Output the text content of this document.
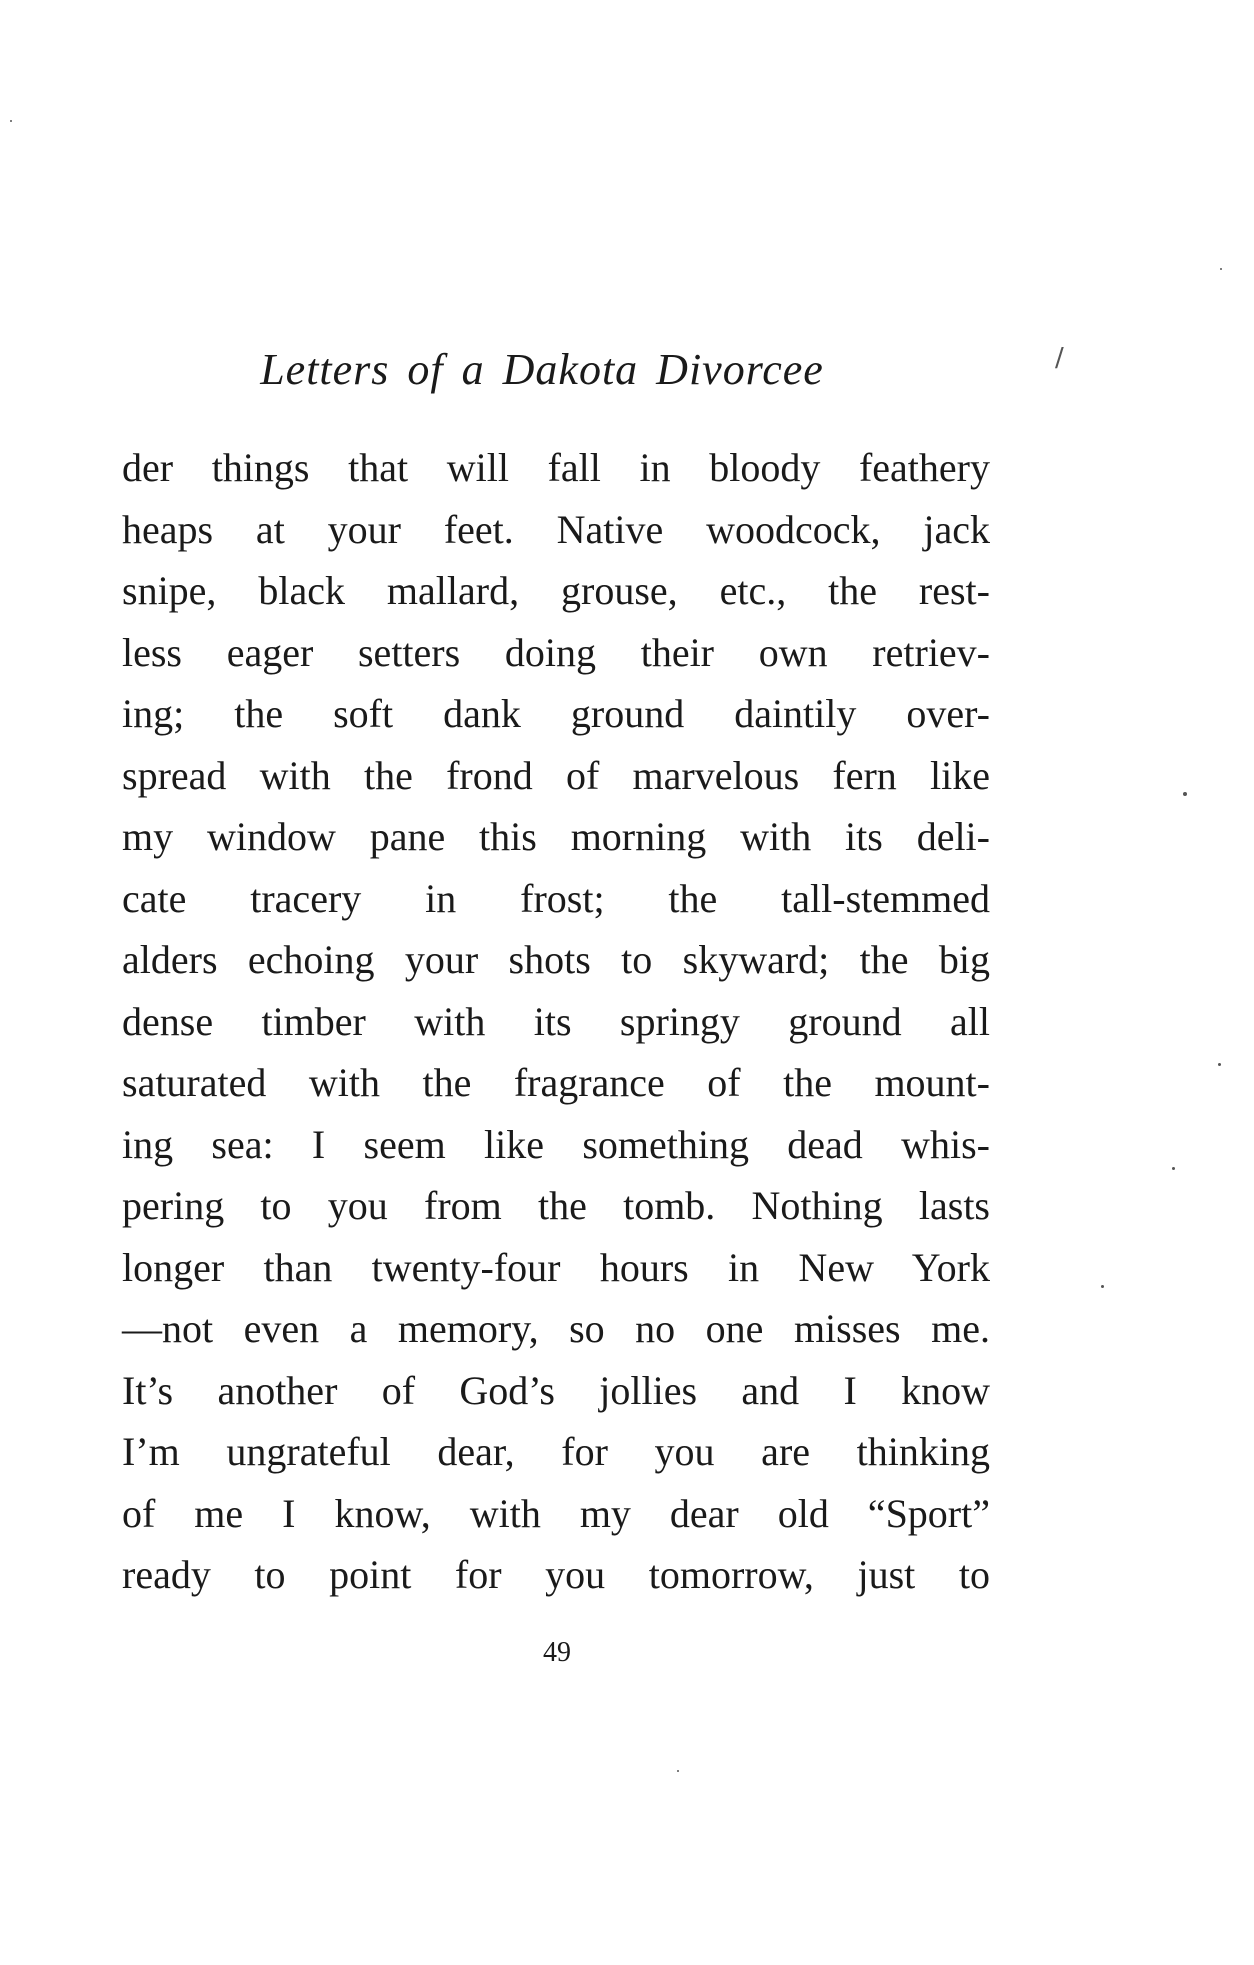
Letters of a Dakota Divorcee
der things that will fall in bloody feathery
heaps at your feet. Native woodcock, jack
snipe, black mallard, grouse, etc., the rest-
less eager setters doing their own retriev-
ing; the soft dank ground daintily over-
spread with the frond of marvelous fern like
my window pane this morning with its deli-
cate tracery in frost; the tall-stemmed
alders echoing your shots to skyward; the big
dense timber with its springy ground all
saturated with the fragrance of the mount-
ing sea: I seem like something dead whis-
pering to you from the tomb. Nothing lasts
longer than twenty-four hours in New York
—not even a memory, so no one misses me.
It’s another of God’s jollies and I know
I’m ungrateful dear, for you are thinking
of me I know, with my dear old “Sport”
ready to point for you tomorrow, just to
49
/
